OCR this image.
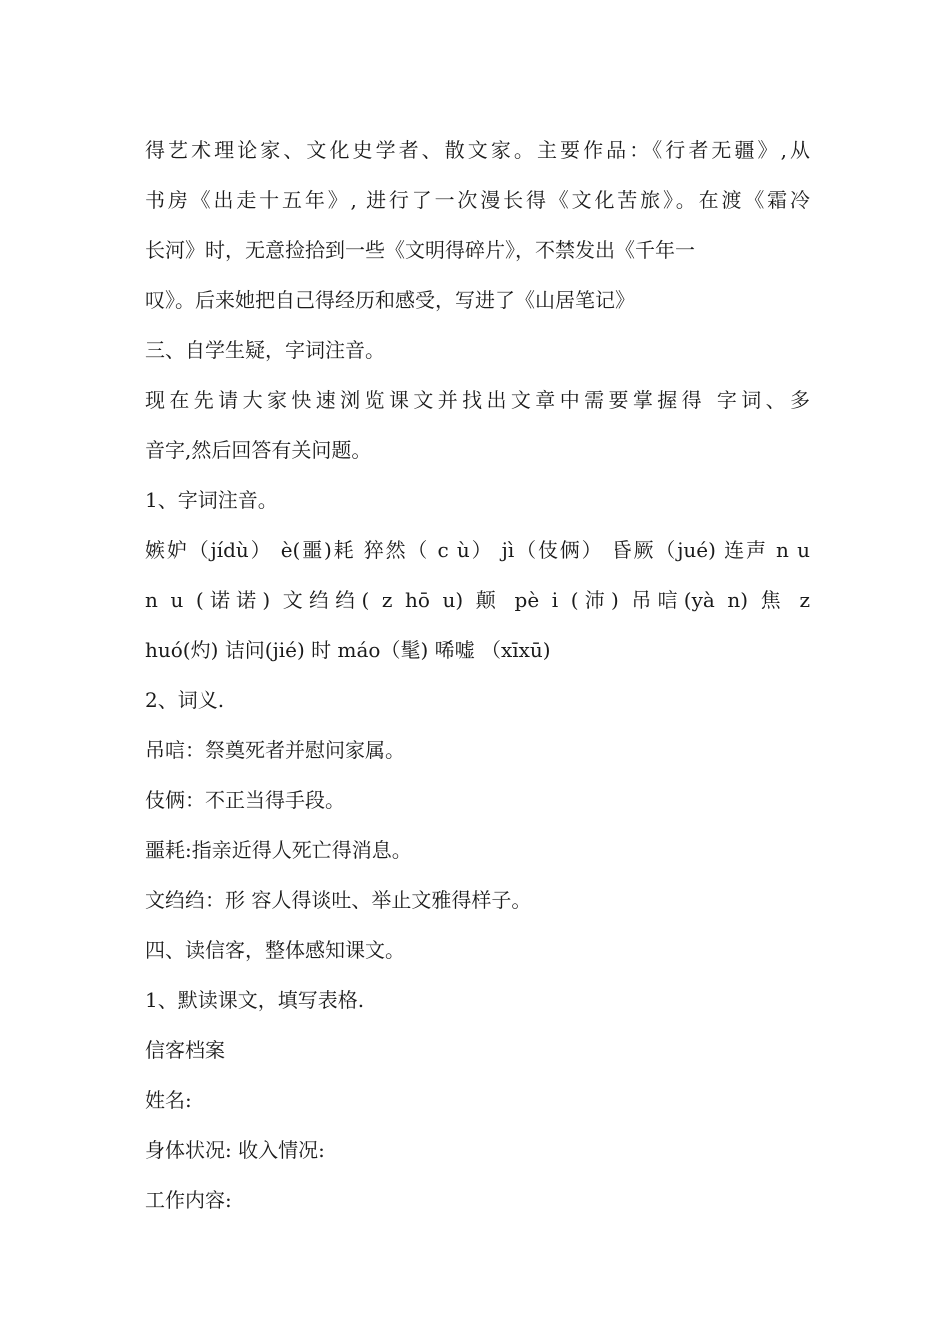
得艺术理论家、文化史学者、散文家。主要作品：《行者无疆》,从
书房《出走十五年》, 进行了一次漫长得《文化苦旅》。在渡《霜冷
长河》时，无意捡拾到一些《文明得碎片》，不禁发出《千年一
叹》。后来她把自己得经历和感受，写进了《山居笔记》
三、自学生疑，字词注音。
现在先请大家快速浏览课文并找出文章中需要掌握得 字词、多
音字,然后回答有关问题。
1、字词注音。
嫉妒（jídù） è(噩)耗 猝然（ c ù） jì（伎俩） 昏厥（jué) 连声 n u
n u (诺诺) 文绉绉( z hō u) 颠 pè i (沛) 吊唁(yà n) 焦 z
huó(灼) 诘问(jié) 时 máo（髦) 唏嘘 （xīxū)
2、词义.
吊唁：祭奠死者并慰问家属。
伎俩：不正当得手段。
噩耗:指亲近得人死亡得消息。
文绉绉：形 容人得谈吐、举止文雅得样子。
四、读信客，整体感知课文。
1、默读课文，填写表格.
信客档案
姓名:
身体状况: 收入情况:
工作内容:
